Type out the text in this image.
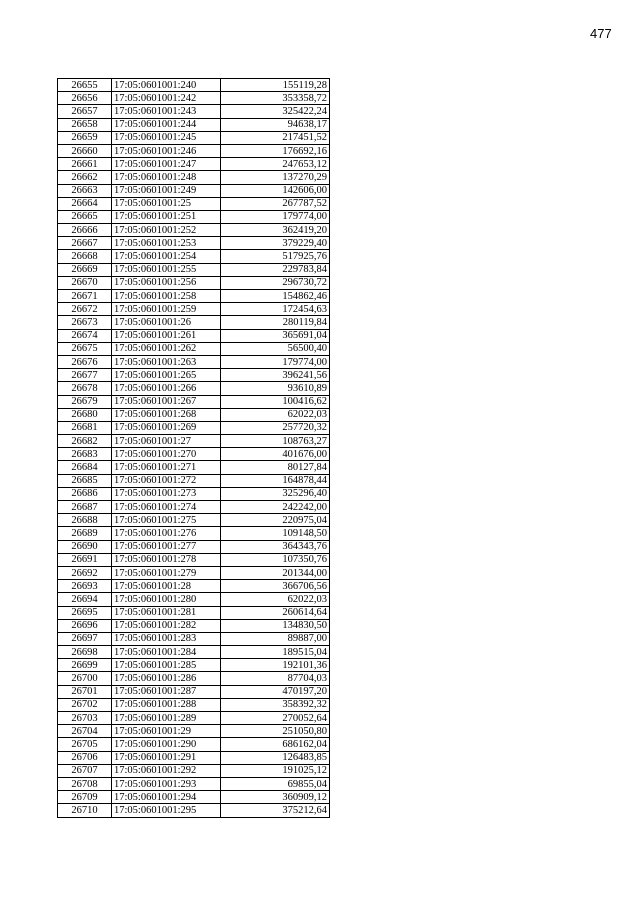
477
26655	17:05:0601001:240	155119,28
26656	17:05:0601001:242	353358,72
26657	17:05:0601001:243	325422,24
26658	17:05:0601001:244	94638,17
26659	17:05:0601001:245	217451,52
26660	17:05:0601001:246	176692,16
26661	17:05:0601001:247	247653,12
26662	17:05:0601001:248	137270,29
26663	17:05:0601001:249	142606,00
26664	17:05:0601001:25	267787,52
26665	17:05:0601001:251	179774,00
26666	17:05:0601001:252	362419,20
26667	17:05:0601001:253	379229,40
26668	17:05:0601001:254	517925,76
26669	17:05:0601001:255	229783,84
26670	17:05:0601001:256	296730,72
26671	17:05:0601001:258	154862,46
26672	17:05:0601001:259	172454,63
26673	17:05:0601001:26	280119,84
26674	17:05:0601001:261	365691,04
26675	17:05:0601001:262	56500,40
26676	17:05:0601001:263	179774,00
26677	17:05:0601001:265	396241,56
26678	17:05:0601001:266	93610,89
26679	17:05:0601001:267	100416,62
26680	17:05:0601001:268	62022,03
26681	17:05:0601001:269	257720,32
26682	17:05:0601001:27	108763,27
26683	17:05:0601001:270	401676,00
26684	17:05:0601001:271	80127,84
26685	17:05:0601001:272	164878,44
26686	17:05:0601001:273	325296,40
26687	17:05:0601001:274	242242,00
26688	17:05:0601001:275	220975,04
26689	17:05:0601001:276	109148,50
26690	17:05:0601001:277	364343,76
26691	17:05:0601001:278	107350,76
26692	17:05:0601001:279	201344,00
26693	17:05:0601001:28	366706,56
26694	17:05:0601001:280	62022,03
26695	17:05:0601001:281	260614,64
26696	17:05:0601001:282	134830,50
26697	17:05:0601001:283	89887,00
26698	17:05:0601001:284	189515,04
26699	17:05:0601001:285	192101,36
26700	17:05:0601001:286	87704,03
26701	17:05:0601001:287	470197,20
26702	17:05:0601001:288	358392,32
26703	17:05:0601001:289	270052,64
26704	17:05:0601001:29	251050,80
26705	17:05:0601001:290	686162,04
26706	17:05:0601001:291	126483,85
26707	17:05:0601001:292	191025,12
26708	17:05:0601001:293	69855,04
26709	17:05:0601001:294	360909,12
26710	17:05:0601001:295	375212,64
